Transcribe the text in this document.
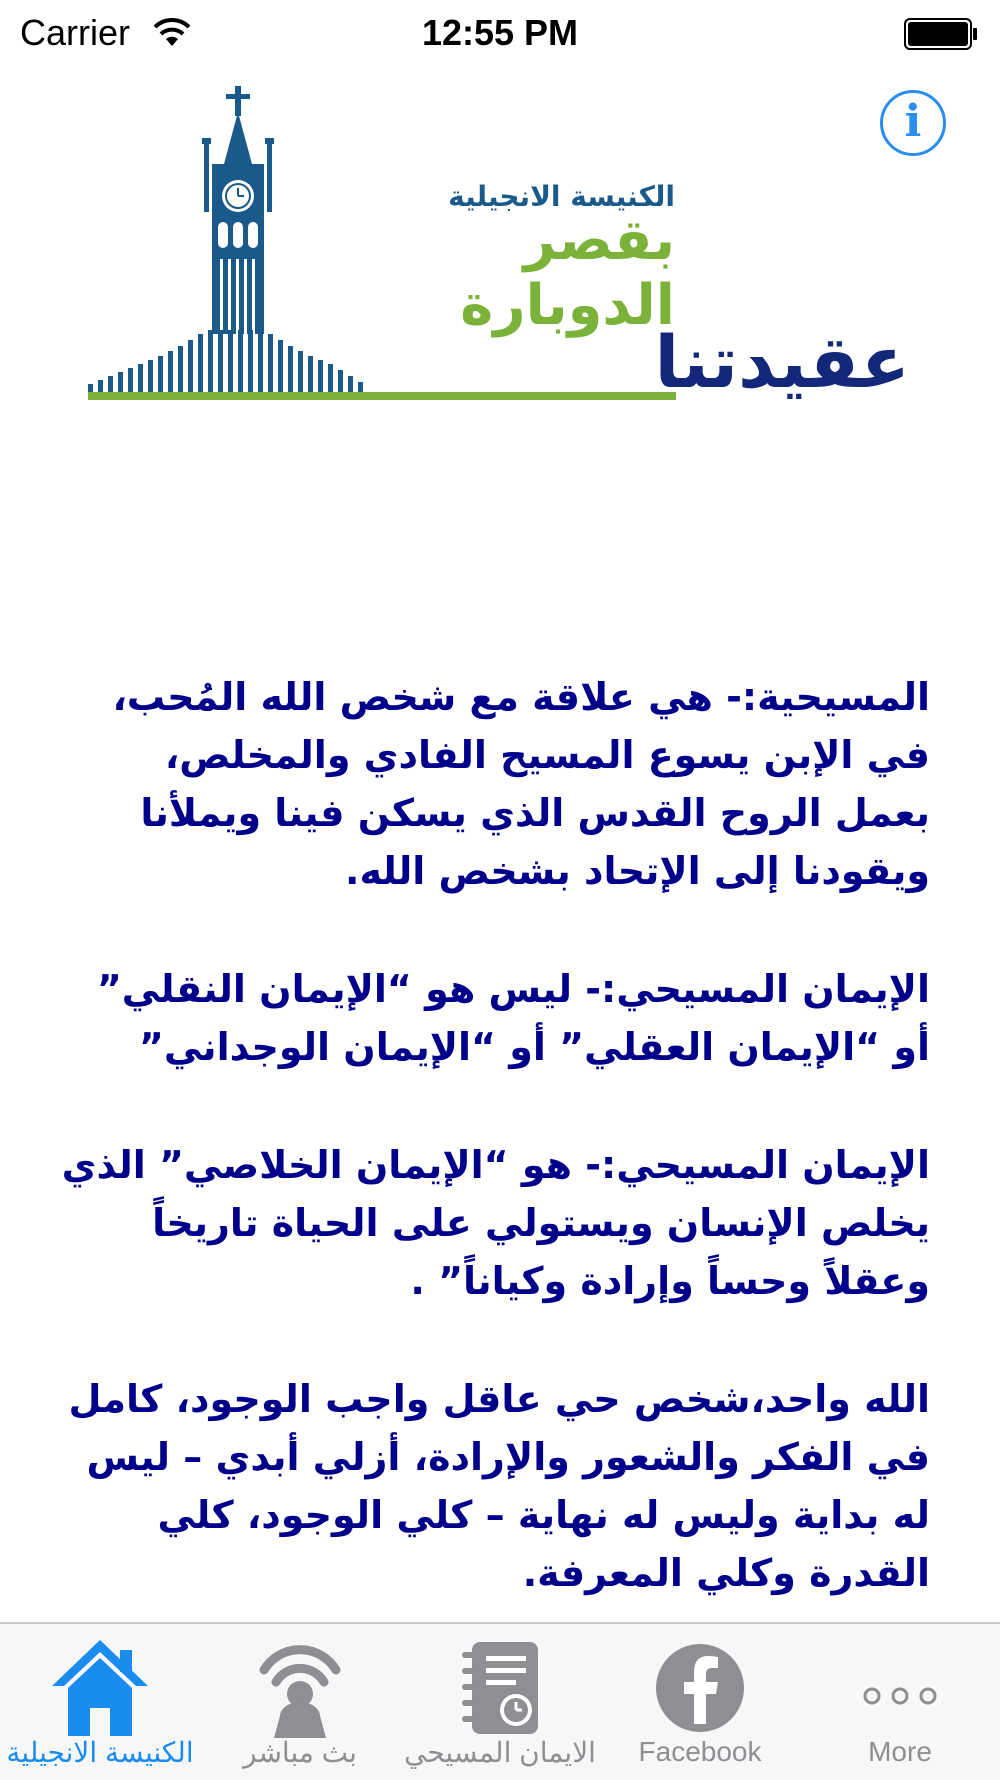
Carrier	12:55 PM
الكنيسة الانجيلية
بقصر الدوبارة
عقيدتنا
i

المسيحية:- هي علاقة مع شخص الله المُحب، في الإبن يسوع المسيح الفادي والمخلص، بعمل الروح القدس الذي يسكن فينا ويملأنا ويقودنا إلى الإتحاد بشخص الله.

الإيمان المسيحي:- ليس هو “الإيمان النقلي” أو “الإيمان العقلي” أو “الإيمان الوجداني”

الإيمان المسيحي:- هو “الإيمان الخلاصي” الذي يخلص الإنسان ويستولي على الحياة تاريخاً وعقلاً وحساً وإرادة وكياناً” .

الله واحد،شخص حي عاقل واجب الوجود، كامل في الفكر والشعور والإرادة، أزلي أبدي – ليس له بداية وليس له نهاية – كلي الوجود، كلي القدرة وكلي المعرفة.

الكنيسة الانجيلية	بث مباشر	الايمان المسيحي	Facebook	More
